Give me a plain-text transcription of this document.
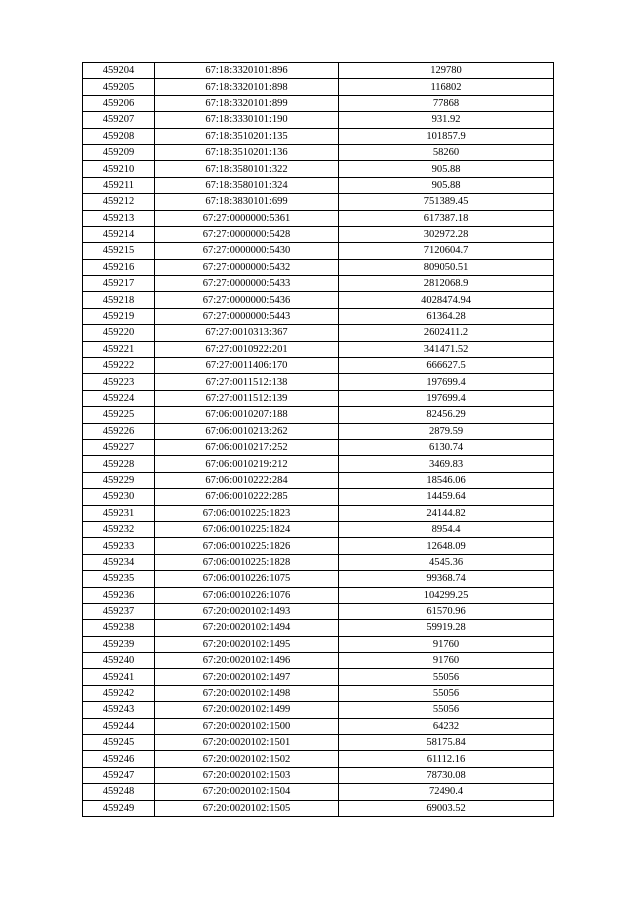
459204	67:18:3320101:896	129780
459205	67:18:3320101:898	116802
459206	67:18:3320101:899	77868
459207	67:18:3330101:190	931.92
459208	67:18:3510201:135	101857.9
459209	67:18:3510201:136	58260
459210	67:18:3580101:322	905.88
459211	67:18:3580101:324	905.88
459212	67:18:3830101:699	751389.45
459213	67:27:0000000:5361	617387.18
459214	67:27:0000000:5428	302972.28
459215	67:27:0000000:5430	7120604.7
459216	67:27:0000000:5432	809050.51
459217	67:27:0000000:5433	2812068.9
459218	67:27:0000000:5436	4028474.94
459219	67:27:0000000:5443	61364.28
459220	67:27:0010313:367	2602411.2
459221	67:27:0010922:201	341471.52
459222	67:27:0011406:170	666627.5
459223	67:27:0011512:138	197699.4
459224	67:27:0011512:139	197699.4
459225	67:06:0010207:188	82456.29
459226	67:06:0010213:262	2879.59
459227	67:06:0010217:252	6130.74
459228	67:06:0010219:212	3469.83
459229	67:06:0010222:284	18546.06
459230	67:06:0010222:285	14459.64
459231	67:06:0010225:1823	24144.82
459232	67:06:0010225:1824	8954.4
459233	67:06:0010225:1826	12648.09
459234	67:06:0010225:1828	4545.36
459235	67:06:0010226:1075	99368.74
459236	67:06:0010226:1076	104299.25
459237	67:20:0020102:1493	61570.96
459238	67:20:0020102:1494	59919.28
459239	67:20:0020102:1495	91760
459240	67:20:0020102:1496	91760
459241	67:20:0020102:1497	55056
459242	67:20:0020102:1498	55056
459243	67:20:0020102:1499	55056
459244	67:20:0020102:1500	64232
459245	67:20:0020102:1501	58175.84
459246	67:20:0020102:1502	61112.16
459247	67:20:0020102:1503	78730.08
459248	67:20:0020102:1504	72490.4
459249	67:20:0020102:1505	69003.52
